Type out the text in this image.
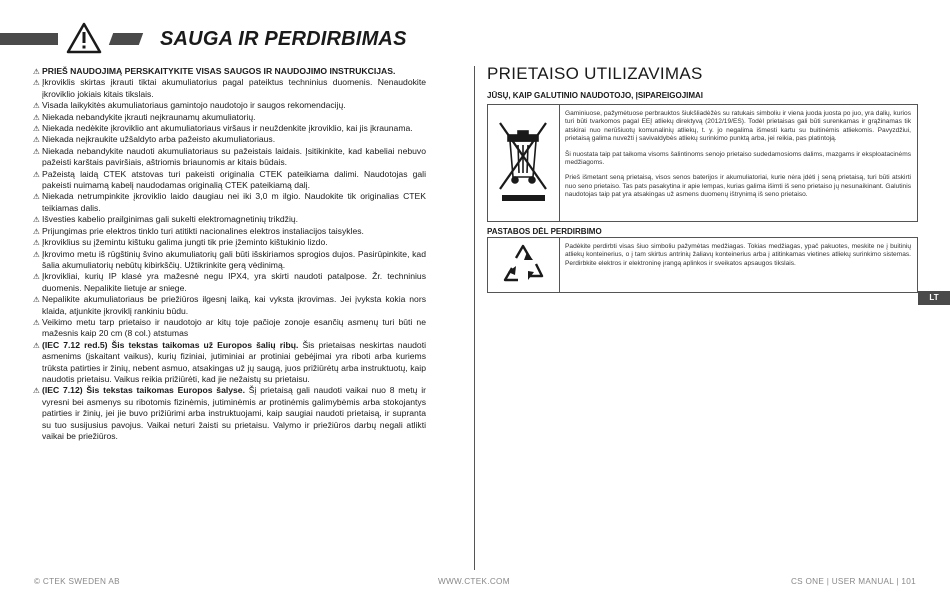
SAUGA IR PERDIRBIMAS
⚠ PRIEŠ NAUDOJIMĄ PERSKAITYKITE VISAS SAUGOS IR NAUDOJIMO INSTRUKCIJAS.
⚠ Įkroviklis skirtas įkrauti tiktai akumuliatorius pagal pateiktus techninius duomenis. Nenaudokite įkroviklio jokiais kitais tikslais.
⚠ Visada laikykitės akumuliatoriaus gamintojo naudotojo ir saugos rekomendacijų.
⚠ Niekada nebandykite įkrauti neįkraunamų akumuliatorių.
⚠ Niekada nedėkite įkroviklio ant akumuliatoriaus viršaus ir neuždenkite įkroviklio, kai jis įkraunama.
⚠ Niekada neįkraukite užšaldyto arba pažeisto akumuliatoriaus.
⚠ Niekada nebandykite naudoti akumuliatoriaus su pažeistais laidais. Įsitikinkite, kad kabeliai nebuvo pažeisti karštais paviršiais, aštriomis briaunomis ar kitais būdais.
⚠ Pažeistą laidą CTEK atstovas turi pakeisti originalia CTEK pateikiama dalimi. Naudotojas gali pakeisti nuimamą kabelį naudodamas originalią CTEK pateikiamą dalį.
⚠ Niekada netrumpinkite įkroviklio laido daugiau nei iki 3,0 m ilgio. Naudokite tik originalias CTEK teikiamas dalis.
⚠ Išvesties kabelio prailginimas gali sukelti elektromagnetinių trikdžių.
⚠ Prijungimas prie elektros tinklo turi atitikti nacionalines elektros instaliacijos taisykles.
⚠ Įkroviklius su įžemintu kištuku galima jungti tik prie įžeminto kištukinio lizdo.
⚠ Įkrovimo metu iš rūgštinių švino akumuliatorių gali būti išskiriamos sprogios dujos. Pasirūpinkite, kad šalia akumuliatorių nebūtų kibirkščių. Užtikrinkite gerą vėdinimą.
⚠ Įkrovikliai, kurių IP klasė yra mažesnė negu IPX4, yra skirti naudoti patalpose. Žr. techninius duomenis. Nepalikite lietuje ar sniege.
⚠ Nepalikite akumuliatoriaus be priežiūros ilgesnį laiką, kai vyksta įkrovimas. Jei įvyksta kokia nors klaida, atjunkite įkroviklį rankiniu būdu.
⚠ Veikimo metu tarp prietaiso ir naudotojo ar kitų toje pačioje zonoje esančių asmenų turi būti ne mažesnis kaip 20 cm (8 col.) atstumas
⚠ (IEC 7.12 red.5) Šis tekstas taikomas už Europos šalių ribų. Šis prietaisas neskirtas naudoti asmenims (įskaitant vaikus), kurių fiziniai, jutiminiai ar protiniai gebėjimai yra riboti arba kuriems trūksta patirties ir žinių, nebent asmuo, atsakingas už jų saugą, juos prižiūrėtų arba instruktuotų, kaip naudotis prietaisu. Vaikus reikia prižiūrėti, kad jie nežaistų su prietaisu.
⚠ (IEC 7.12) Šis tekstas taikomas Europos šalyse. Šį prietaisą gali naudoti vaikai nuo 8 metų ir vyresni bei asmenys su ribotomis fizinėmis, jutiminėmis ar protinėmis galimybėmis arba stokojantys patirties ir žinių, jei jie buvo prižiūrimi arba instruktuojami, kaip saugiai naudoti prietaisą, ir supranta su tuo susijusius pavojus. Vaikai neturi žaisti su prietaisu. Valymo ir priežiūros darbų negali atlikti vaikai be priežiūros.
PRIETAISO UTILIZAVIMAS
JŪSŲ, KAIP GALUTINIO NAUDOTOJO, ĮSIPAREIGOJIMAI

Gaminiuose, pažymėtuose perbrauktos šiukšliadėžės su ratukais simboliu ir viena juoda juosta po juo, yra dalių, kurios turi būti tvarkomos pagal EEĮ atliekų direktyvą (2012/19/ES). Todėl prietaisas gali būti surenkamas ir grąžinamas tik atskirai nuo nerūšiuotų komunalinių atliekų, t. y. jo negalima išmesti kartu su buitinėmis atliekomis. Pavyzdžiui, prietaisą galima nuvežti į savivaldybės atliekų surinkimo punktą arba, jei reikia, pas platintoją.

Ši nuostata taip pat taikoma visoms šalintinoms senojo prietaiso sudedamosioms dalims, mazgams ir eksploatacinėms medžiagoms.

Prieš išmetant seną prietaisą, visos senos baterijos ir akumuliatoriai, kurie nėra įdėti į seną prietaisą, turi būti atskirti nuo seno prietaiso. Tas pats pasakytina ir apie lempas, kurias galima išimti iš seno prietaiso jų nesunaikinant. Galutinis naudotojas taip pat yra atsakingas už asmens duomenų ištrynimą iš seno prietaiso.

PASTABOS DĖL PERDIRBIMO
Padėkite perdirbti visas šiuo simboliu pažymėtas medžiagas. Tokias medžiagas, ypač pakuotes, meskite ne į buitinių atliekų konteinerius, o į tam skirtus antrinių žaliavų konteinerius arba į atitinkamas vietines atliekų surinkimo sistemas. Perdirbkite elektros ir elektroninę įrangą aplinkos ir sveikatos apsaugos tikslais.
LT
© CTEK SWEDEN AB	WWW.CTEK.COM	CS ONE | USER MANUAL | 101
